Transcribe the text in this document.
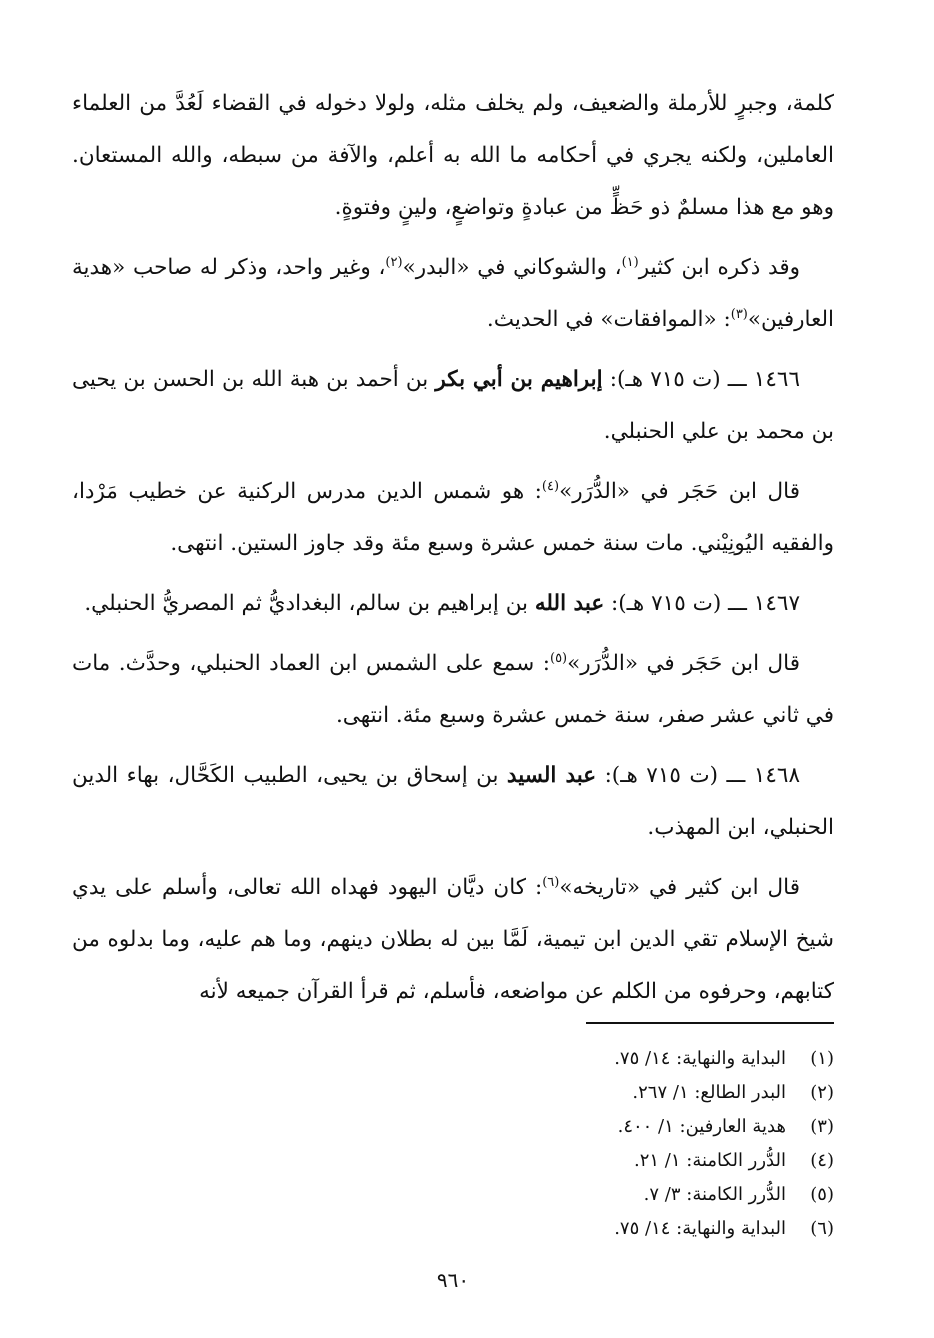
كلمة، وجبرٍ للأرملة والضعيف، ولم يخلف مثله، ولولا دخوله في القضاء لَعُدَّ من العلماء العاملين، ولكنه يجري في أحكامه ما الله به أعلم، والآفة من سبطه، والله المستعان. وهو مع هذا مسلمٌ ذو حَظٍّ من عبادةٍ وتواضعٍ، ولينٍ وفتوةٍ.

وقد ذكره ابن كثير$^{(١)}$، والشوكاني في «البدر»$^{(٢)}$، وغير واحد، وذكر له صاحب «هدية العارفين»$^{(٣)}$: «الموافقات» في الحديث.

١٤٦٦ ـــ (ت ٧١٥ هـ): إبراهيم بن أبي بكر بن أحمد بن هبة الله بن الحسن بن يحيى بن محمد بن علي الحنبلي.

قال ابن حَجَر في «الدُّرَر»$^{(٤)}$: هو شمس الدين مدرس الركنية عن خطيب مَرْدا، والفقيه اليُونِيْني. مات سنة خمس عشرة وسبع مئة وقد جاوز الستين. انتهى.

١٤٦٧ ـــ (ت ٧١٥ هـ): عبد الله بن إبراهيم بن سالم، البغداديُّ ثم المصريُّ الحنبلي.

قال ابن حَجَر في «الدُّرَر»$^{(٥)}$: سمع على الشمس ابن العماد الحنبلي، وحدَّث. مات في ثاني عشر صفر، سنة خمس عشرة وسبع مئة. انتهى.

١٤٦٨ ـــ (ت ٧١٥ هـ): عبد السيد بن إسحاق بن يحيى، الطبيب الكَحَّال، بهاء الدين الحنبلي، ابن المهذب.

قال ابن كثير في «تاريخه»$^{(٦)}$: كان ديَّان اليهود فهداه الله تعالى، وأسلم على يدي شيخ الإسلام تقي الدين ابن تيمية، لَمَّا بين له بطلان دينهم، وما هم عليه، وما بدلوه من كتابهم، وحرفوه من الكلم عن مواضعه، فأسلم، ثم قرأ القرآن جميعه لأنه

(١)
البداية والنهاية: ١٤/ ٧٥.
(٢)
البدر الطالع: ١/ ٢٦٧.
(٣)
هدية العارفين: ١/ ٤٠٠.
(٤)
الدُّرر الكامنة: ١/ ٢١.
(٥)
الدُّرر الكامنة: ٣/ ٧.
(٦)
البداية والنهاية: ١٤/ ٧٥.
٩٦٠
